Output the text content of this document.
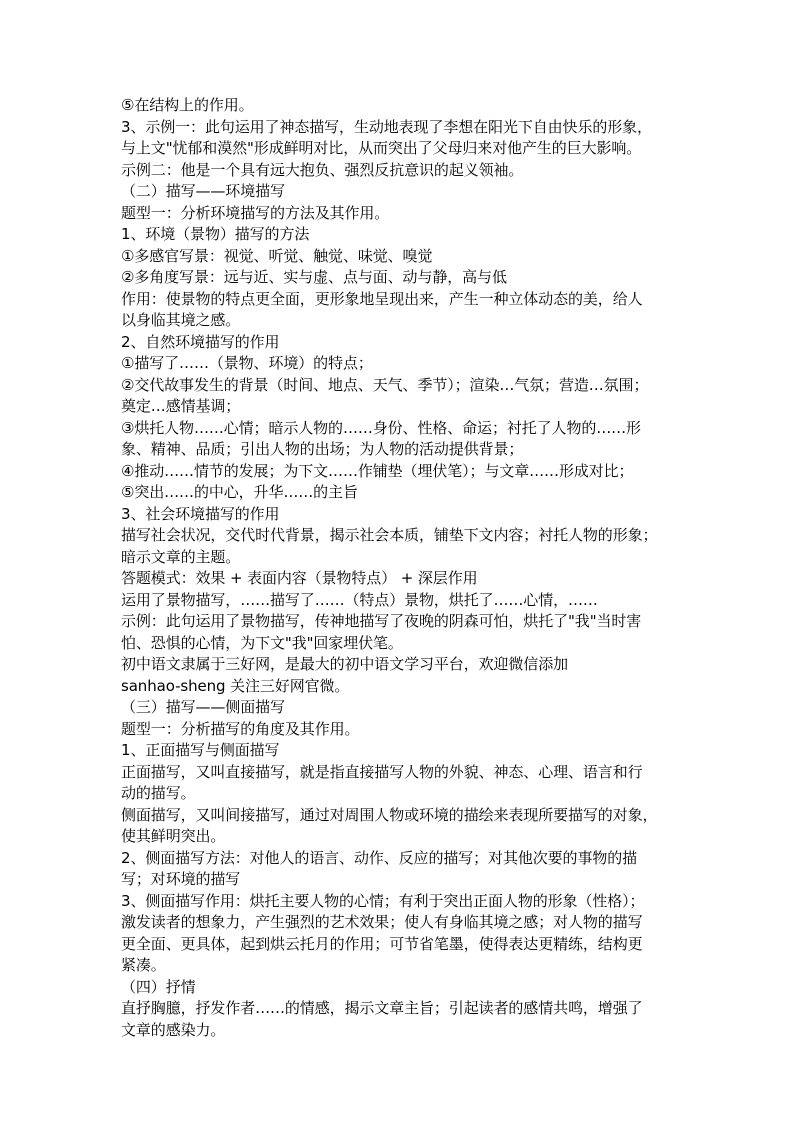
⑤在结构上的作用。
3、示例一：此句运用了神态描写，生动地表现了李想在阳光下自由快乐的形象，
与上文"忧郁和漠然"形成鲜明对比，从而突出了父母归来对他产生的巨大影响。
示例二：他是一个具有远大抱负、强烈反抗意识的起义领袖。
（二）描写——环境描写
题型一：分析环境描写的方法及其作用。
1、环境（景物）描写的方法
①多感官写景：视觉、听觉、触觉、味觉、嗅觉
②多角度写景：远与近、实与虚、点与面、动与静，高与低
作用：使景物的特点更全面，更形象地呈现出来，产生一种立体动态的美，给人
以身临其境之感。
2、自然环境描写的作用
①描写了……（景物、环境）的特点；
②交代故事发生的背景（时间、地点、天气、季节）；渲染…气氛；营造…氛围；
奠定…感情基调；
③烘托人物……心情；暗示人物的……身份、性格、命运；衬托了人物的……形
象、精神、品质；引出人物的出场；为人物的活动提供背景；
④推动……情节的发展；为下文……作铺垫（埋伏笔）；与文章……形成对比；
⑤突出……的中心，升华……的主旨
3、社会环境描写的作用
描写社会状况，交代时代背景，揭示社会本质，铺垫下文内容；衬托人物的形象；
暗示文章的主题。
答题模式：效果 + 表面内容（景物特点） + 深层作用
运用了景物描写，……描写了……（特点）景物，烘托了……心情，……
示例：此句运用了景物描写，传神地描写了夜晚的阴森可怕，烘托了"我"当时害
怕、恐惧的心情，为下文"我"回家埋伏笔。
初中语文隶属于三好网，是最大的初中语文学习平台，欢迎微信添加
sanhao-sheng 关注三好网官微。
（三）描写——侧面描写
题型一：分析描写的角度及其作用。
1、正面描写与侧面描写
正面描写，又叫直接描写，就是指直接描写人物的外貌、神态、心理、语言和行
动的描写。
侧面描写，又叫间接描写，通过对周围人物或环境的描绘来表现所要描写的对象，
使其鲜明突出。
2、侧面描写方法：对他人的语言、动作、反应的描写；对其他次要的事物的描
写；对环境的描写
3、侧面描写作用：烘托主要人物的心情；有利于突出正面人物的形象（性格）；
激发读者的想象力，产生强烈的艺术效果；使人有身临其境之感；对人物的描写
更全面、更具体，起到烘云托月的作用；可节省笔墨，使得表达更精练，结构更
紧凑。
（四）抒情
直抒胸臆，抒发作者……的情感，揭示文章主旨；引起读者的感情共鸣，增强了
文章的感染力。
